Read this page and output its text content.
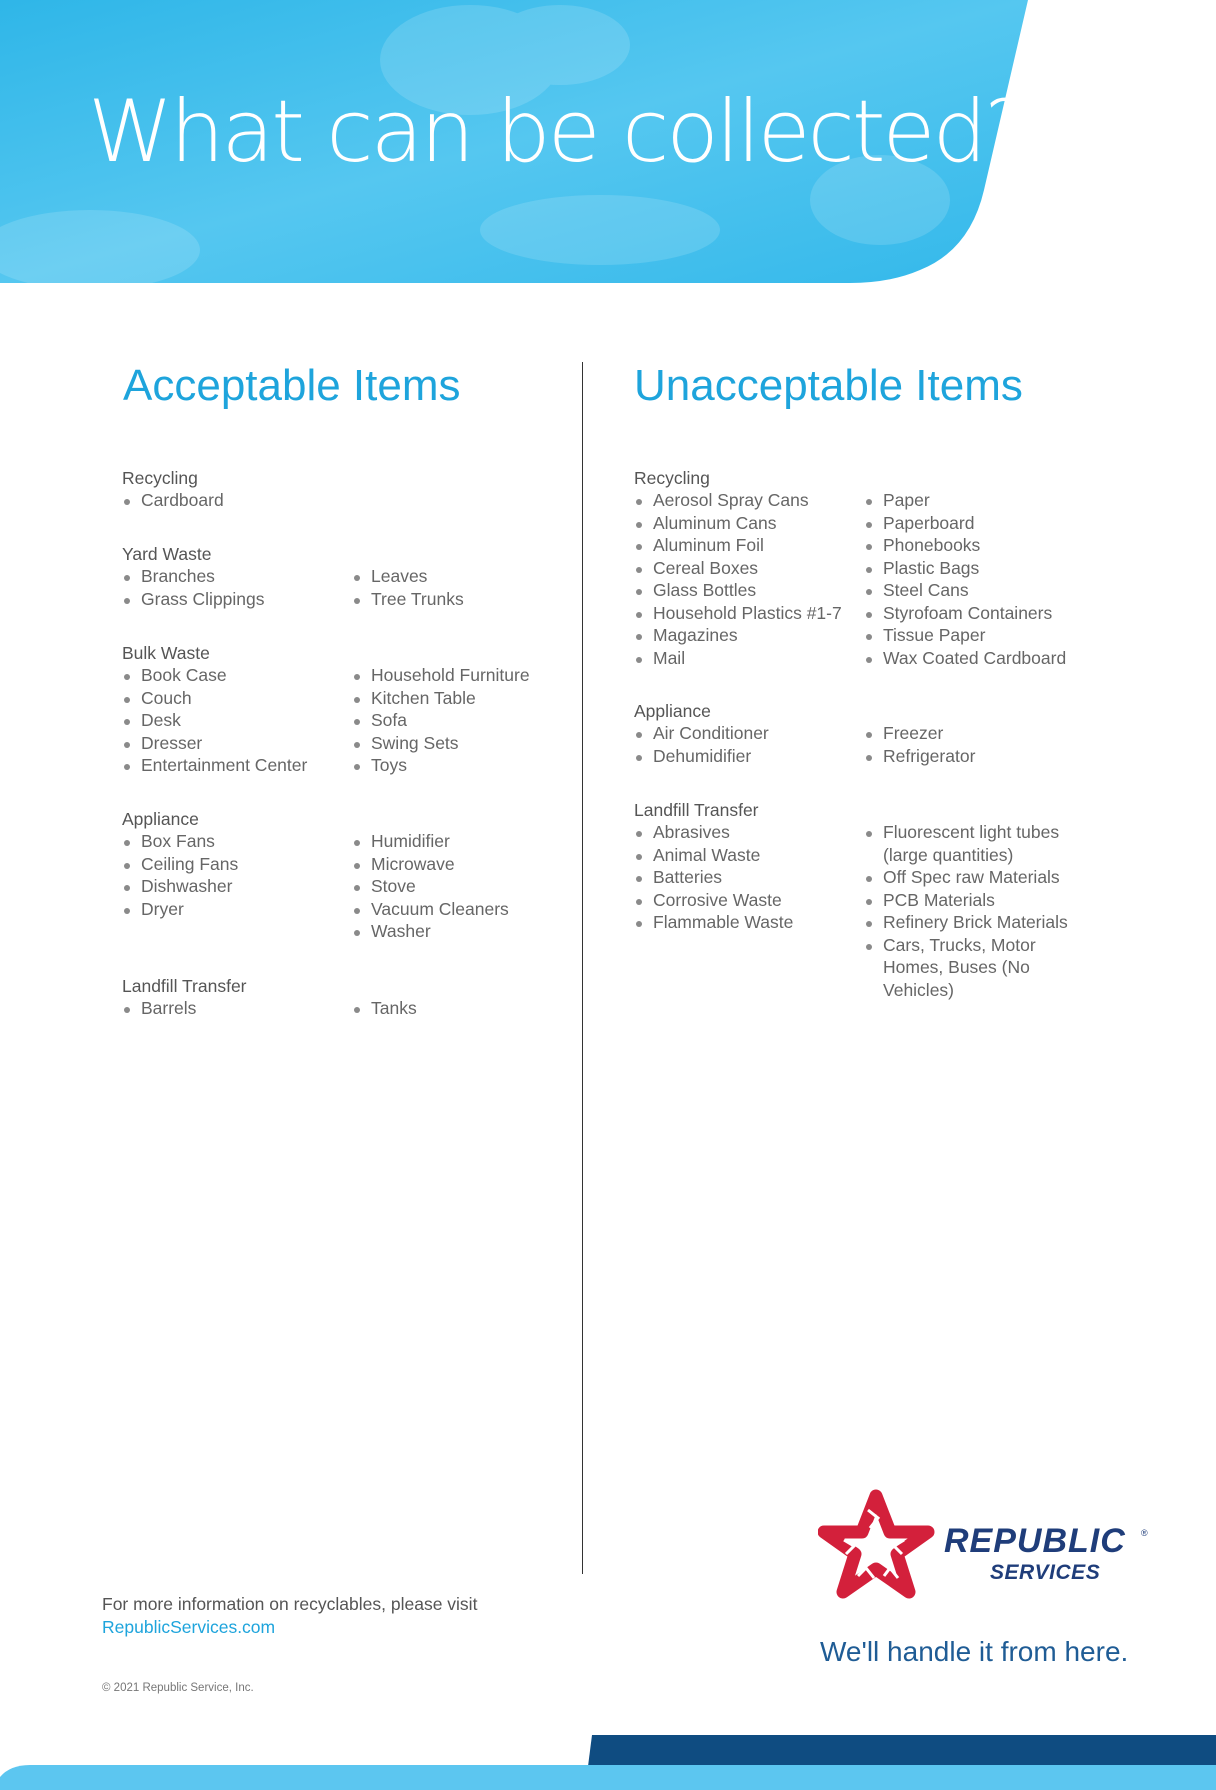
What can be collected?
Acceptable Items	Unacceptable Items
Recycling
Cardboard
Yard Waste
Branches
Grass Clippings
Leaves
Tree Trunks
Bulk Waste
Book Case
Couch
Desk
Dresser
Entertainment Center
Household Furniture
Kitchen Table
Sofa
Swing Sets
Toys
Appliance
Box Fans
Ceiling Fans
Dishwasher
Dryer
Humidifier
Microwave
Stove
Vacuum Cleaners
Washer
Landfill Transfer
Barrels	Tanks
Recycling
Aerosol Spray Cans
Aluminum Cans
Aluminum Foil
Cereal Boxes
Glass Bottles
Household Plastics #1-7
Magazines
Mail
Paper
Paperboard
Phonebooks
Plastic Bags
Steel Cans
Styrofoam Containers
Tissue Paper
Wax Coated Cardboard
Appliance
Air Conditioner
Dehumidifier
Freezer
Refrigerator
Landfill Transfer
Abrasives
Animal Waste
Batteries
Corrosive Waste
Flammable Waste
Fluorescent light tubes
(large quantities)
Off Spec raw Materials
PCB Materials
Refinery Brick Materials
Cars, Trucks, Motor
Homes, Buses (No
Vehicles)
For more information on recyclables, please visit
RepublicServices.com
© 2021 Republic Service, Inc.
REPUBLIC ®
SERVICES
We'll handle it from here.
